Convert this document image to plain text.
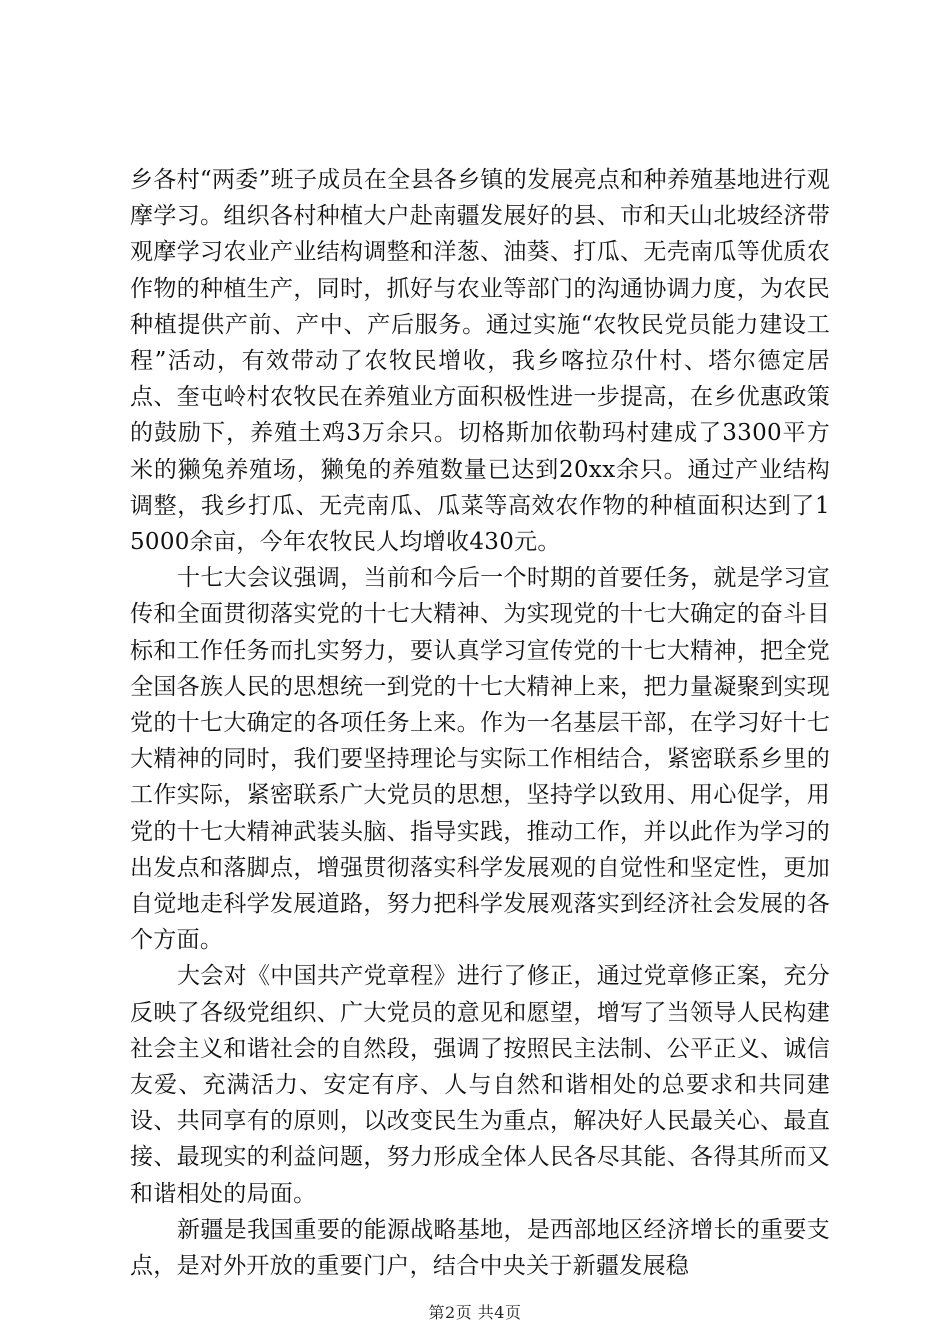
乡各村“两委”班子成员在全县各乡镇的发展亮点和种养殖基地进行观摩学习。组织各村种植大户赴南疆发展好的县、市和天山北坡经济带观摩学习农业产业结构调整和洋葱、油葵、打瓜、无壳南瓜等优质农作物的种植生产，同时，抓好与农业等部门的沟通协调力度，为农民种植提供产前、产中、产后服务。通过实施“农牧民党员能力建设工程”活动，有效带动了农牧民增收，我乡喀拉尕什村、塔尔德定居点、奎屯岭村农牧民在养殖业方面积极性进一步提高，在乡优惠政策的鼓励下，养殖土鸡3万余只。切格斯加依勒玛村建成了3300平方米的獭兔养殖场，獭兔的养殖数量已达到20xx余只。通过产业结构调整，我乡打瓜、无壳南瓜、瓜菜等高效农作物的种植面积达到了15000余亩，今年农牧民人均增收430元。

十七大会议强调，当前和今后一个时期的首要任务，就是学习宣传和全面贯彻落实党的十七大精神、为实现党的十七大确定的奋斗目标和工作任务而扎实努力，要认真学习宣传党的十七大精神，把全党全国各族人民的思想统一到党的十七大精神上来，把力量凝聚到实现党的十七大确定的各项任务上来。作为一名基层干部，在学习好十七大精神的同时，我们要坚持理论与实际工作相结合，紧密联系乡里的工作实际，紧密联系广大党员的思想，坚持学以致用、用心促学，用党的十七大精神武装头脑、指导实践，推动工作，并以此作为学习的出发点和落脚点，增强贯彻落实科学发展观的自觉性和坚定性，更加自觉地走科学发展道路，努力把科学发展观落实到经济社会发展的各个方面。

大会对《中国共产党章程》进行了修正，通过党章修正案，充分反映了各级党组织、广大党员的意见和愿望，增写了当领导人民构建社会主义和谐社会的自然段，强调了按照民主法制、公平正义、诚信友爱、充满活力、安定有序、人与自然和谐相处的总要求和共同建设、共同享有的原则，以改变民生为重点，解决好人民最关心、最直接、最现实的利益问题，努力形成全体人民各尽其能、各得其所而又和谐相处的局面。

新疆是我国重要的能源战略基地，是西部地区经济增长的重要支点，是对外开放的重要门户，结合中央关于新疆发展稳

第2页 共4页
